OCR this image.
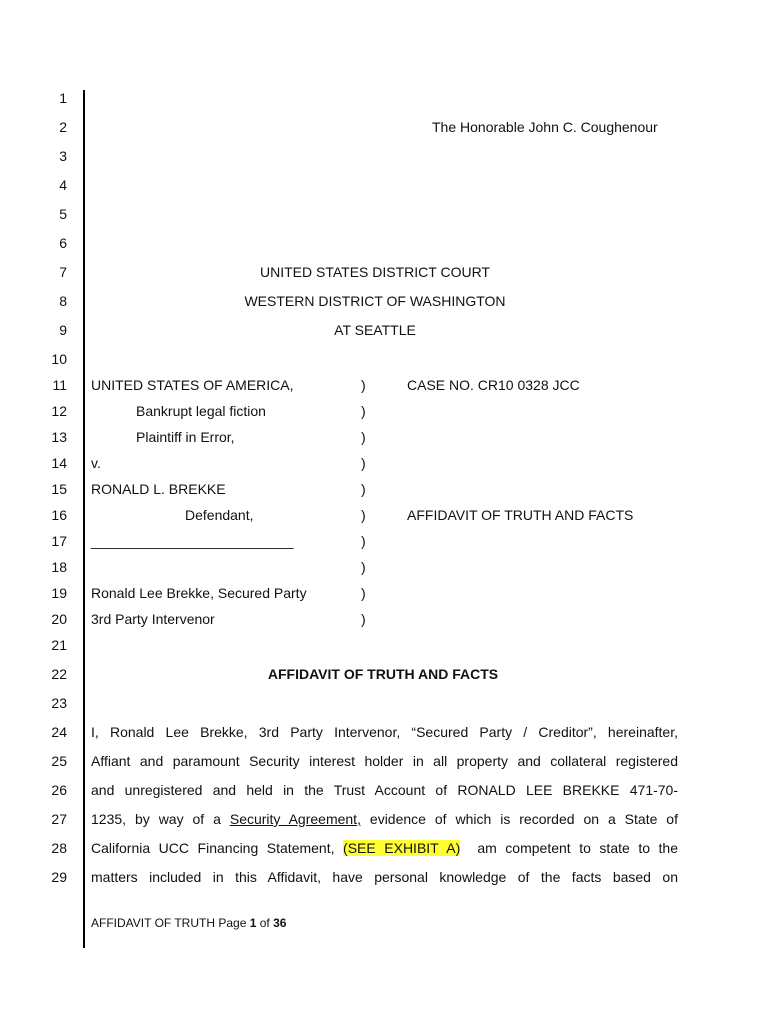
1
2
3
4
5
6
7
8
9
10
11
12
13
14
15
16
17
18
19
20
21
22
23
24
25
26
27
28
29
The Honorable John C. Coughenour
UNITED STATES DISTRICT COURT
WESTERN DISTRICT OF WASHINGTON
AT SEATTLE
UNITED STATES OF AMERICA,
Bankrupt legal fiction
Plaintiff in Error,
v.
RONALD L. BREKKE
Defendant,
__________________________
Ronald Lee Brekke, Secured Party
3rd Party Intervenor
)
)
)
)
)
)
)
)
)
)
CASE NO. CR10 0328 JCC
AFFIDAVIT OF TRUTH AND FACTS
AFFIDAVIT OF TRUTH AND FACTS
I, Ronald Lee Brekke, 3rd Party Intervenor, “Secured Party / Creditor”, hereinafter,
Affiant and paramount Security interest holder in all property and collateral registered
and unregistered and held in the Trust Account of RONALD LEE BREKKE 471-70-
1235, by way of a Security Agreement, evidence of which is recorded on a State of
California UCC Financing Statement, (SEE EXHIBIT A)  am competent to state to the
matters included in this Affidavit, have personal knowledge of the facts based on
AFFIDAVIT OF TRUTH Page 1 of 36
